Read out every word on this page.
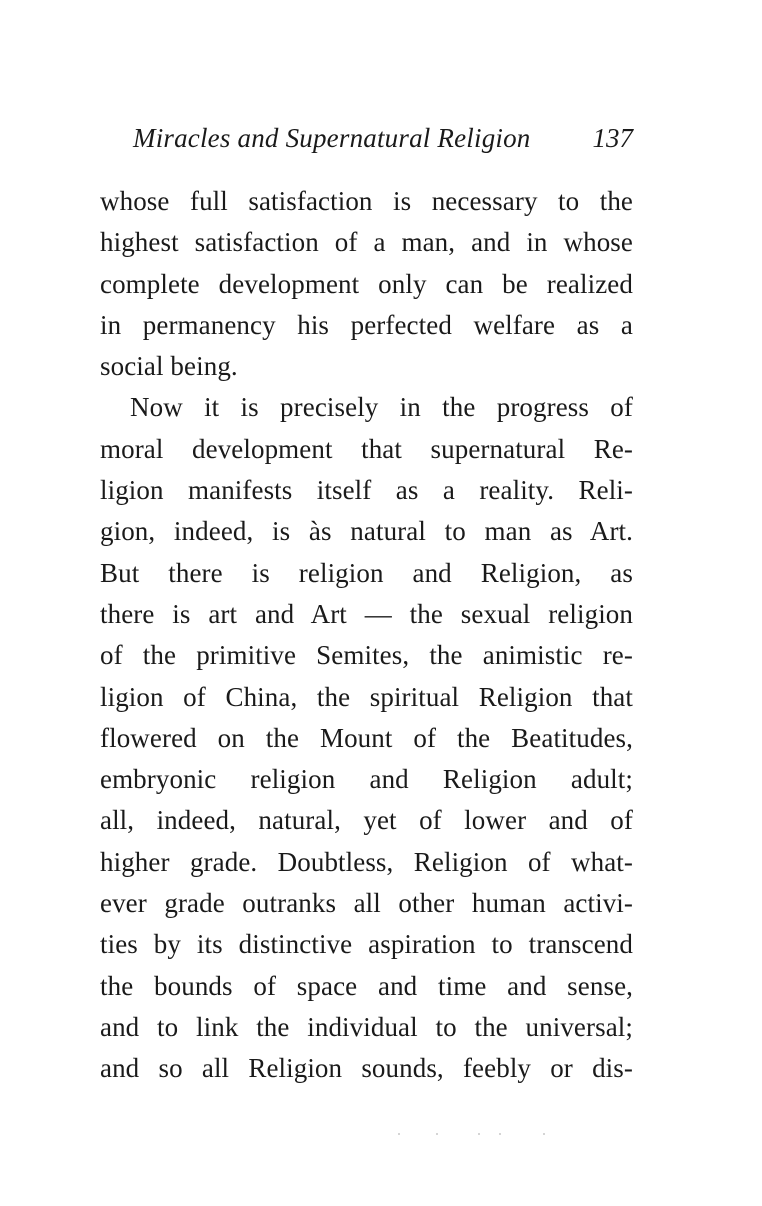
Miracles and Supernatural Religion 137
whose full satisfaction is necessary to the
highest satisfaction of a man, and in whose
complete development only can be realized
in permanency his perfected welfare as a
social being.
Now it is precisely in the progress of
moral development that supernatural Re-
ligion manifests itself as a reality. Reli-
gion, indeed, is às natural to man as Art.
But there is religion and Religion, as
there is art and Art — the sexual religion
of the primitive Semites, the animistic re-
ligion of China, the spiritual Religion that
flowered on the Mount of the Beatitudes,
embryonic religion and Religion adult;
all, indeed, natural, yet of lower and of
higher grade. Doubtless, Religion of what-
ever grade outranks all other human activi-
ties by its distinctive aspiration to transcend
the bounds of space and time and sense,
and to link the individual to the universal;
and so all Religion sounds, feebly or dis-
